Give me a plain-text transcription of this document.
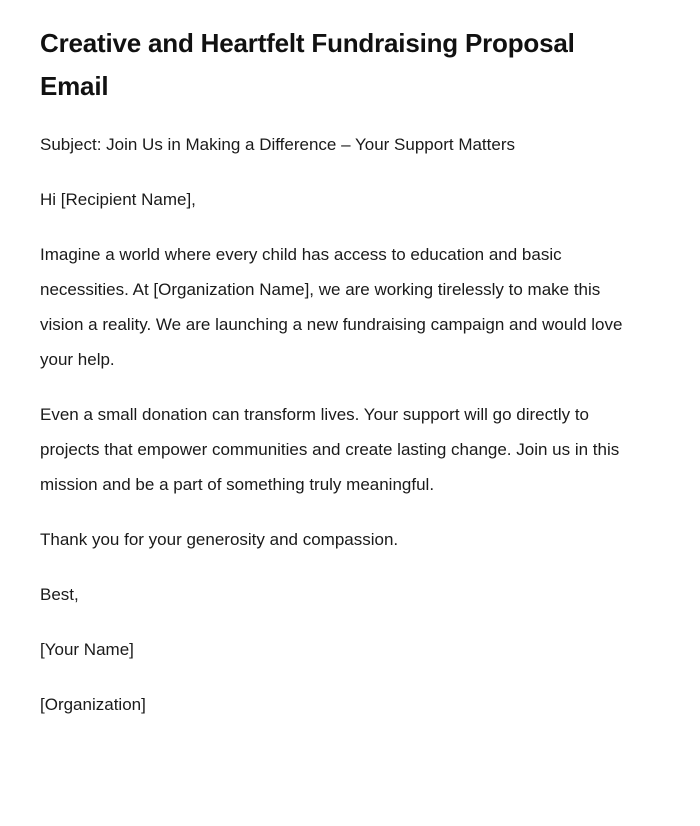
Creative and Heartfelt Fundraising Proposal Email

Subject: Join Us in Making a Difference – Your Support Matters

Hi [Recipient Name],

Imagine a world where every child has access to education and basic necessities. At [Organization Name], we are working tirelessly to make this vision a reality. We are launching a new fundraising campaign and would love your help.

Even a small donation can transform lives. Your support will go directly to projects that empower communities and create lasting change. Join us in this mission and be a part of something truly meaningful.

Thank you for your generosity and compassion.

Best,

[Your Name]

[Organization]
